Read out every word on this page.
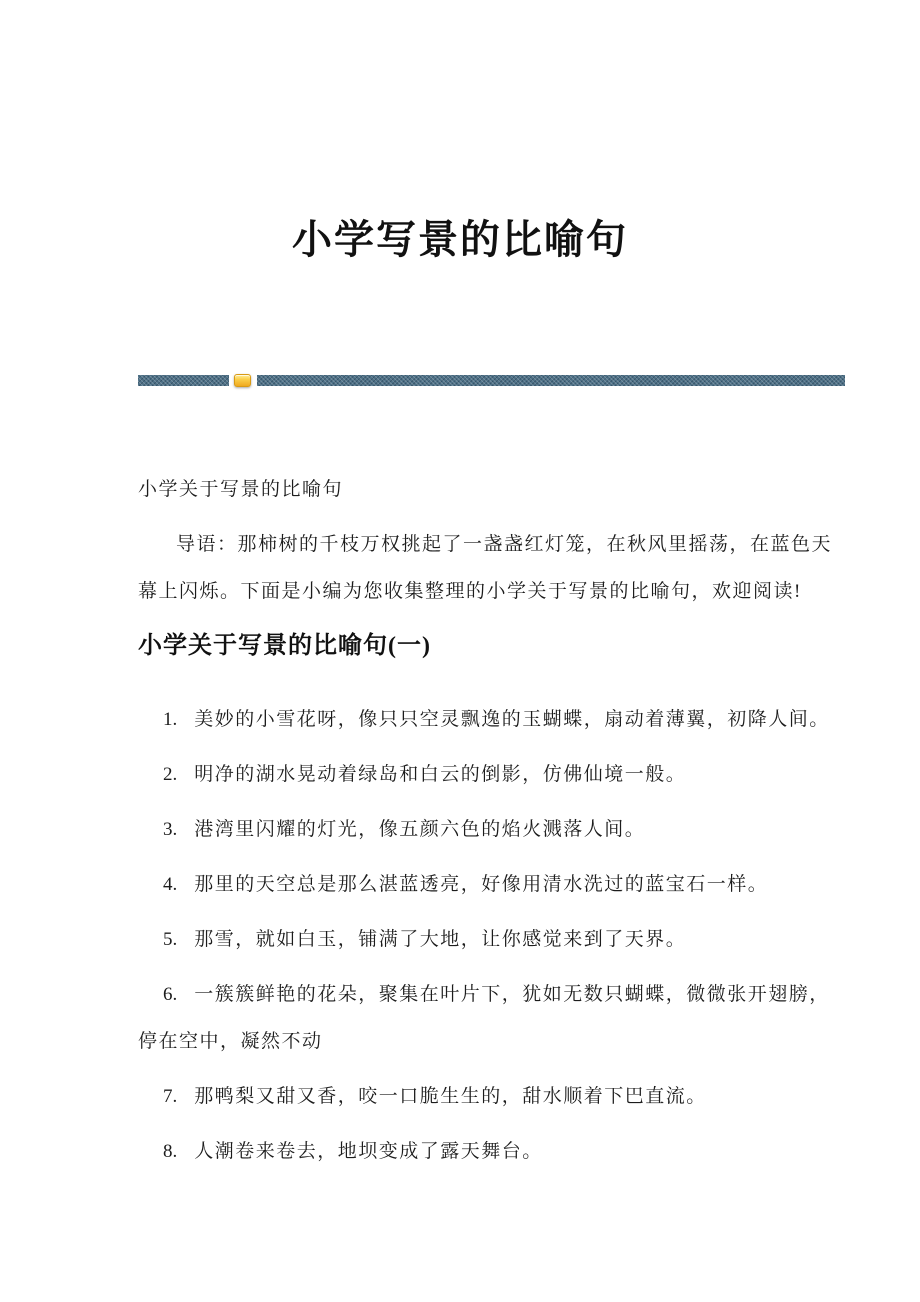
小学写景的比喻句

小学关于写景的比喻句

导语：那柿树的千枝万权挑起了一盏盏红灯笼，在秋风里摇荡，在蓝色天幕上闪烁。下面是小编为您收集整理的小学关于写景的比喻句，欢迎阅读!

小学关于写景的比喻句(一)

1. 美妙的小雪花呀，像只只空灵飘逸的玉蝴蝶，扇动着薄翼，初降人间。

2. 明净的湖水晃动着绿岛和白云的倒影，仿佛仙境一般。

3. 港湾里闪耀的灯光，像五颜六色的焰火溅落人间。

4. 那里的天空总是那么湛蓝透亮，好像用清水洗过的蓝宝石一样。

5. 那雪，就如白玉，铺满了大地，让你感觉来到了天界。

6. 一簇簇鲜艳的花朵，聚集在叶片下，犹如无数只蝴蝶，微微张开翅膀，停在空中，凝然不动

7. 那鸭梨又甜又香，咬一口脆生生的，甜水顺着下巴直流。

8. 人潮卷来卷去，地坝变成了露天舞台。
